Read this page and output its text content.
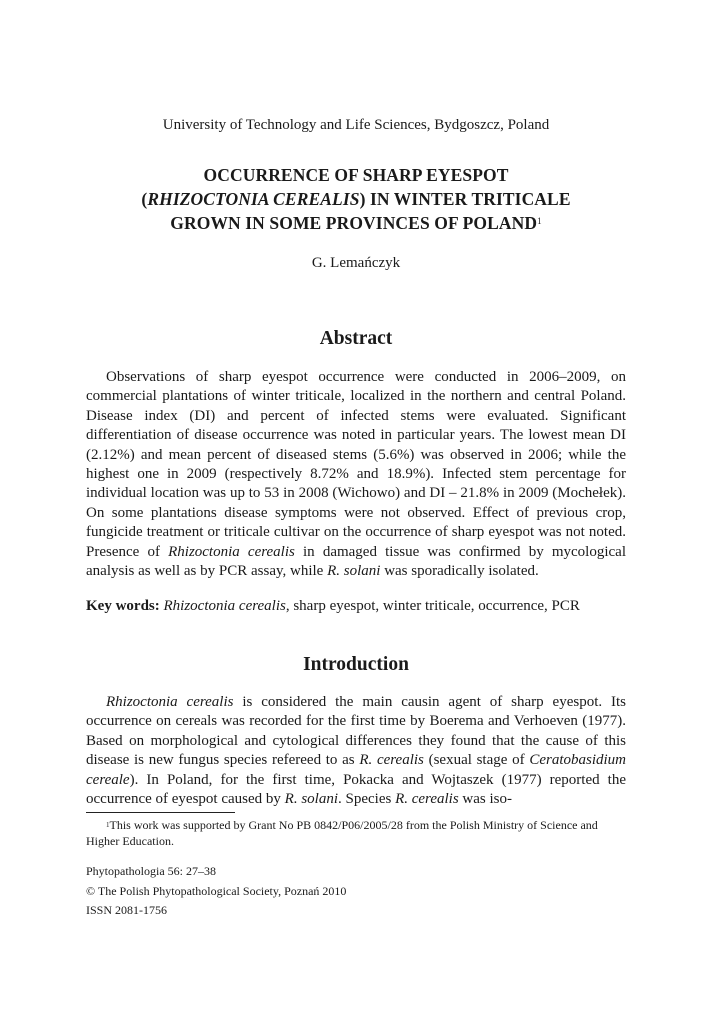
University of Technology and Life Sciences, Bydgoszcz, Poland
OCCURRENCE OF SHARP EYESPOT
(RHIZOCTONIA CEREALIS) IN WINTER TRITICALE
GROWN IN SOME PROVINCES OF POLAND$^1$
G. Lemańczyk
Abstract

Observations of sharp eyespot occurrence were conducted in 2006–2009, on commercial plantations of winter triticale, localized in the northern and central Poland. Disease index (DI) and percent of infected stems were evaluated. Significant differentiation of disease occurrence was noted in particular years. The lowest mean DI (2.12%) and mean percent of diseased stems (5.6%) was observed in 2006; while the highest one in 2009 (respectively 8.72% and 18.9%). Infected stem percentage for individual location was up to 53 in 2008 (Wichowo) and DI – 21.8% in 2009 (Mochełek). On some plantations disease symptoms were not observed. Effect of previous crop, fungicide treatment or triticale cultivar on the occurrence of sharp eyespot was not noted. Presence of Rhizoctonia cerealis in damaged tissue was confirmed by mycological analysis as well as by PCR assay, while R. solani was sporadically isolated.

Key words: Rhizoctonia cerealis, sharp eyespot, winter triticale, occurrence, PCR
Introduction

Rhizoctonia cerealis is considered the main causin agent of sharp eyespot. Its occurrence on cereals was recorded for the first time by Boerema and Verhoeven (1977). Based on morphological and cytological differences they found that the cause of this disease is new fungus species refereed to as R. cerealis (sexual stage of Ceratobasidium cereale). In Poland, for the first time, Pokacka and Wojtaszek (1977) reported the occurrence of eyespot caused by R. solani. Species R. cerealis was iso-

$^1$This work was supported by Grant No PB 0842/P06/2005/28 from the Polish Ministry of Science and Higher Education.
Phytopathologia 56: 27–38
© The Polish Phytopathological Society, Poznań 2010
ISSN 2081-1756
